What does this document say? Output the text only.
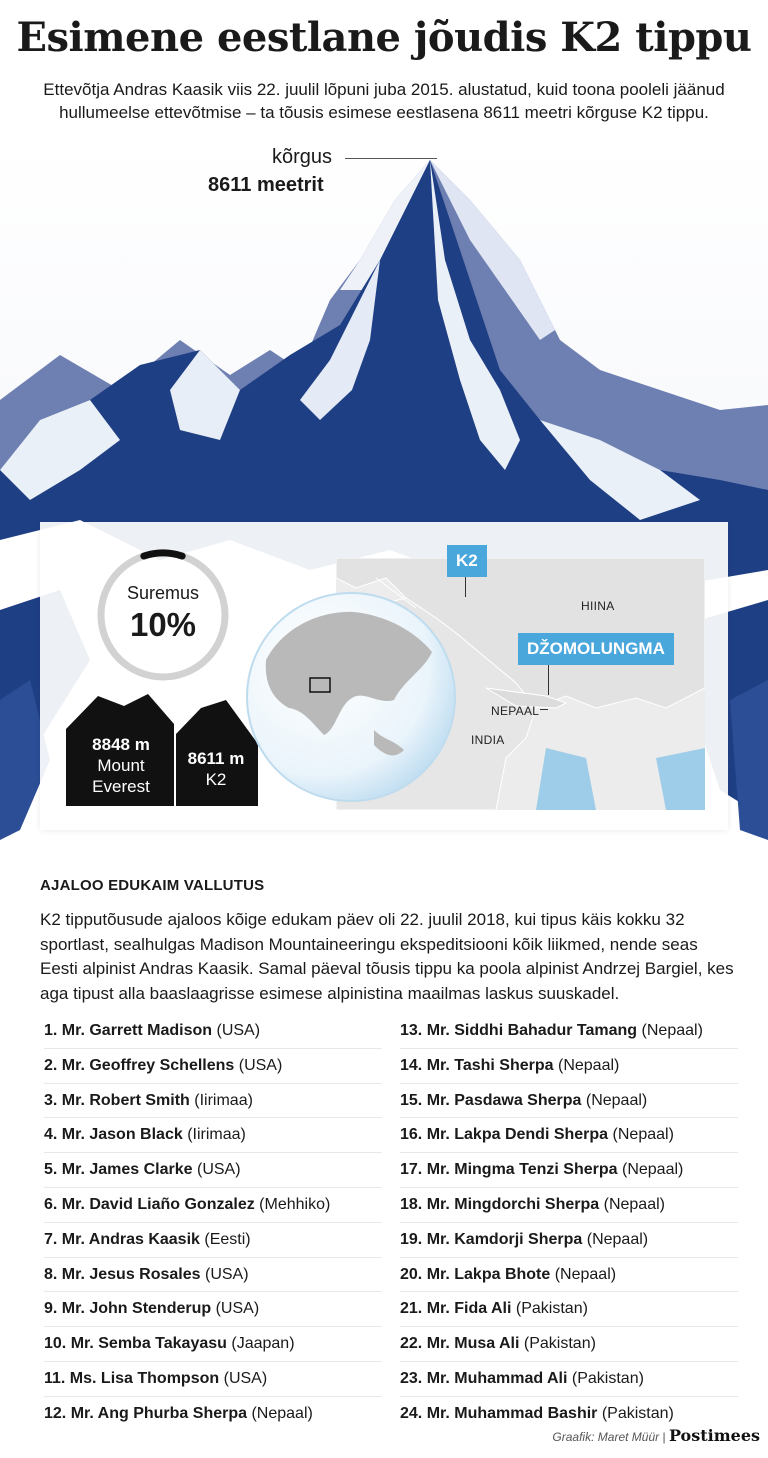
Esimene eestlane jõudis K2 tippu

Ettevõtja Andras Kaasik viis 22. juulil lõpuni juba 2015. alustatud, kuid toona pooleli jäänud hullumeelse ettevõtmise – ta tõusis esimese eestlasena 8611 meetri kõrguse K2 tippu.

kõrgus
8611 meetrit
Suremus
10%
8848 m
Mount
Everest
8611 m
K2
HIINA
NEPAAL
INDIA
K2
DŽOMOLUNGMA
AJALOO EDUKAIM VALLUTUS

K2 tipputõusude ajaloos kõige edukam päev oli 22. juulil 2018, kui tipus käis kokku 32 sportlast, sealhulgas Madison Mountaineeringu ekspeditsiooni kõik liikmed, nende seas Eesti alpinist Andras Kaasik. Samal päeval tõusis tippu ka poola alpinist Andrzej Bargiel, kes aga tipust alla baaslaagrisse esimese alpinistina maailmas laskus suuskadel.

1. Mr. Garrett Madison (USA)
2. Mr. Geoffrey Schellens (USA)
3. Mr. Robert Smith (Iirimaa)
4. Mr. Jason Black (Iirimaa)
5. Mr. James Clarke (USA)
6. Mr. David Liaño Gonzalez (Mehhiko)
7. Mr. Andras Kaasik (Eesti)
8. Mr. Jesus Rosales (USA)
9. Mr. John Stenderup (USA)
10. Mr. Semba Takayasu (Jaapan)
11. Ms. Lisa Thompson (USA)
12. Mr. Ang Phurba Sherpa (Nepaal)
13. Mr. Siddhi Bahadur Tamang (Nepaal)
14. Mr. Tashi Sherpa (Nepaal)
15. Mr. Pasdawa Sherpa (Nepaal)
16. Mr. Lakpa Dendi Sherpa (Nepaal)
17. Mr. Mingma Tenzi Sherpa (Nepaal)
18. Mr. Mingdorchi Sherpa (Nepaal)
19. Mr. Kamdorji Sherpa (Nepaal)
20. Mr. Lakpa Bhote (Nepaal)
21. Mr. Fida Ali (Pakistan)
22. Mr. Musa Ali (Pakistan)
23. Mr. Muhammad Ali (Pakistan)
24. Mr. Muhammad Bashir (Pakistan)
Graafik: Maret Müür | Postimees
